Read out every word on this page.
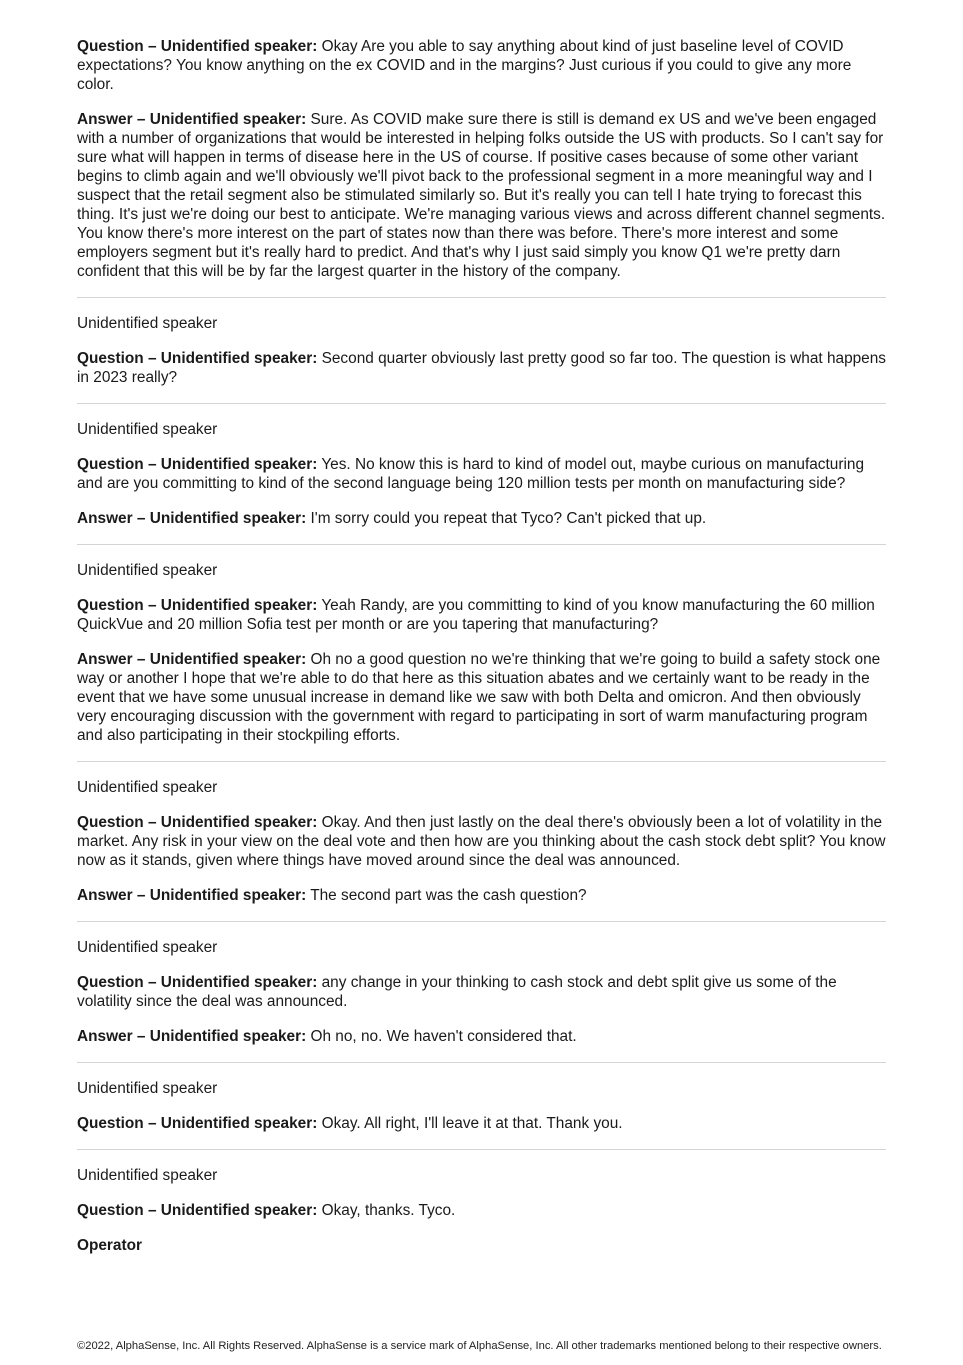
Question – Unidentified speaker: Okay Are you able to say anything about kind of just baseline level of COVID expectations? You know anything on the ex COVID and in the margins? Just curious if you could to give any more color.

Answer – Unidentified speaker: Sure. As COVID make sure there is still is demand ex US and we've been engaged with a number of organizations that would be interested in helping folks outside the US with products. So I can't say for sure what will happen in terms of disease here in the US of course. If positive cases because of some other variant begins to climb again and we'll obviously we'll pivot back to the professional segment in a more meaningful way and I suspect that the retail segment also be stimulated similarly so. But it's really you can tell I hate trying to forecast this thing. It's just we're doing our best to anticipate. We're managing various views and across different channel segments. You know there's more interest on the part of states now than there was before. There's more interest and some employers segment but it's really hard to predict. And that's why I just said simply you know Q1 we're pretty darn confident that this will be by far the largest quarter in the history of the company.

Unidentified speaker

Question – Unidentified speaker: Second quarter obviously last pretty good so far too. The question is what happens in 2023 really?

Unidentified speaker

Question – Unidentified speaker: Yes. No know this is hard to kind of model out, maybe curious on manufacturing and are you committing to kind of the second language being 120 million tests per month on manufacturing side?

Answer – Unidentified speaker: I'm sorry could you repeat that Tyco? Can't picked that up.

Unidentified speaker

Question – Unidentified speaker: Yeah Randy, are you committing to kind of you know manufacturing the 60 million QuickVue and 20 million Sofia test per month or are you tapering that manufacturing?

Answer – Unidentified speaker: Oh no a good question no we're thinking that we're going to build a safety stock one way or another I hope that we're able to do that here as this situation abates and we certainly want to be ready in the event that we have some unusual increase in demand like we saw with both Delta and omicron. And then obviously very encouraging discussion with the government with regard to participating in sort of warm manufacturing program and also participating in their stockpiling efforts.

Unidentified speaker

Question – Unidentified speaker: Okay. And then just lastly on the deal there's obviously been a lot of volatility in the market. Any risk in your view on the deal vote and then how are you thinking about the cash stock debt split? You know now as it stands, given where things have moved around since the deal was announced.

Answer – Unidentified speaker: The second part was the cash question?

Unidentified speaker

Question – Unidentified speaker: any change in your thinking to cash stock and debt split give us some of the volatility since the deal was announced.

Answer – Unidentified speaker: Oh no, no. We haven't considered that.

Unidentified speaker

Question – Unidentified speaker: Okay. All right, I'll leave it at that. Thank you.

Unidentified speaker

Question – Unidentified speaker: Okay, thanks. Tyco.

Operator
©2022, AlphaSense, Inc. All Rights Reserved. AlphaSense is a service mark of AlphaSense, Inc. All other trademarks mentioned belong to their respective owners.
